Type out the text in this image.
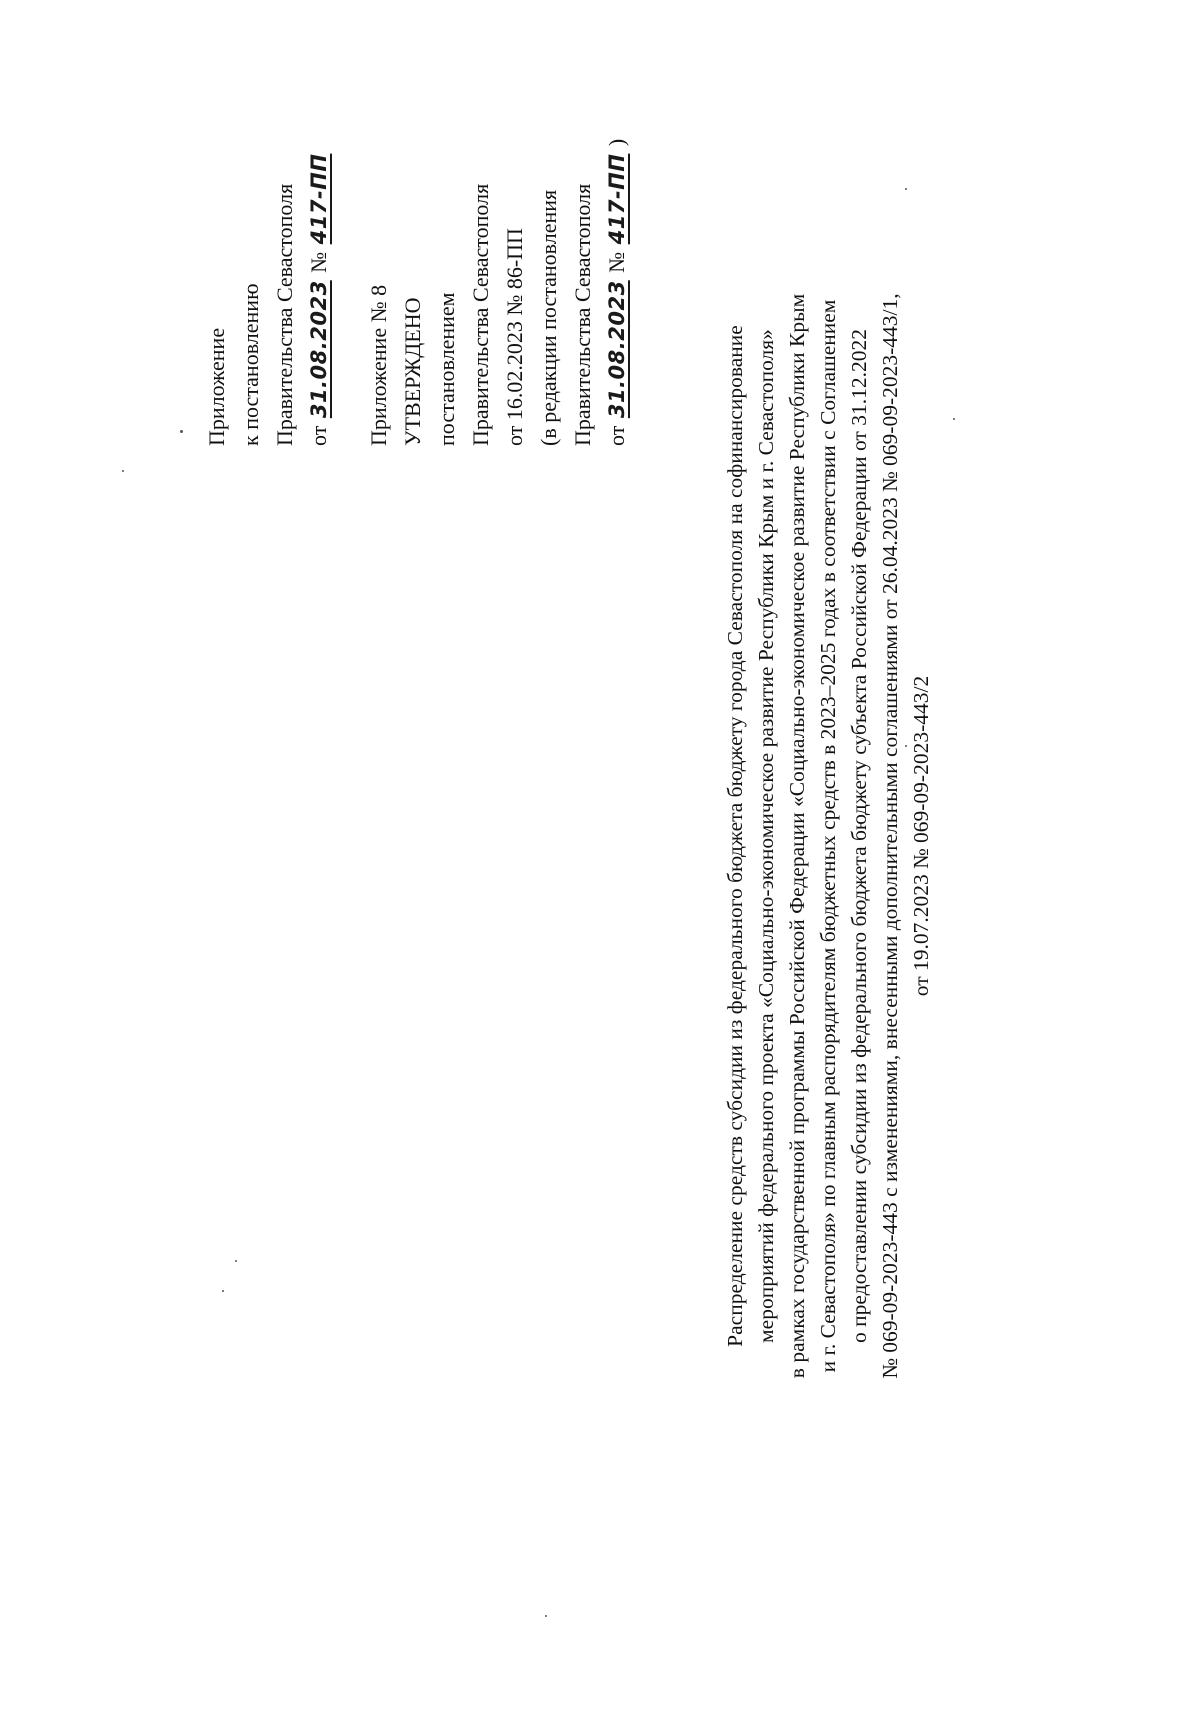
Приложение к постановлению Правительства Севастополя от 31.08.2023 № 417-ПП
Приложение № 8 УТВЕРЖДЕНО постановлением Правительства Севастополя от 16.02.2023 № 86-ПП (в редакции постановления Правительства Севастополя от 31.08.2023 № 417-ПП )
Распределение средств субсидии из федерального бюджета бюджету города Севастополя на софинансирование мероприятий федерального проекта «Социально-экономическое развитие Республики Крым и г. Севастополя» в рамках государственной программы Российской Федерации «Социально-экономическое развитие Республики Крым и г. Севастополя» по главным распорядителям бюджетных средств в 2023–2025 годах в соответствии с Соглашением о предоставлении субсидии из федерального бюджета бюджету субъекта Российской Федерации от 31.12.2022 № 069-09-2023-443 с изменениями, внесенными дополнительными соглашениями от 26.04.2023 № 069-09-2023-443/1, от 19.07.2023 № 069-09-2023-443/2
